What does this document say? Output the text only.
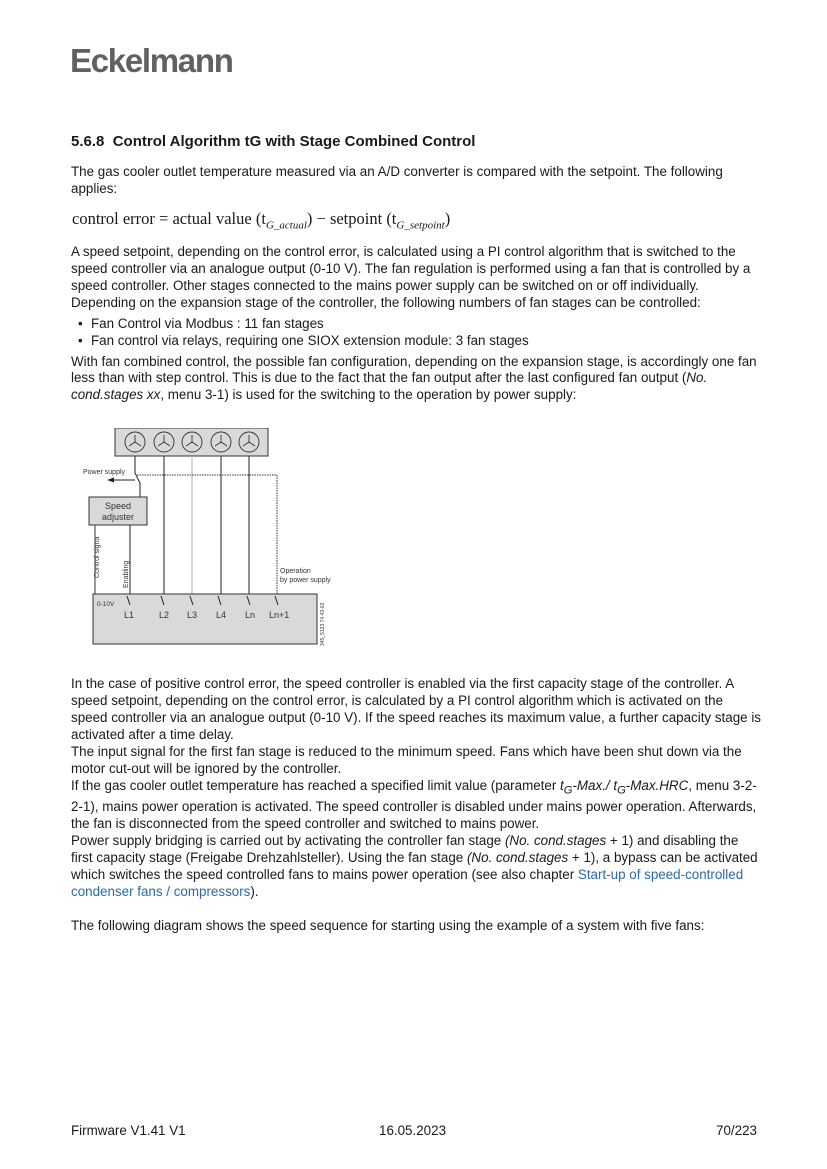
Eckelmann
5.6.8 Control Algorithm tG with Stage Combined Control

The gas cooler outlet temperature measured via an A/D converter is compared with the setpoint. The following applies:

control error = actual value $(t_{G\_actual})$ − setpoint $(t_{G\_setpoint})$

A speed setpoint, depending on the control error, is calculated using a PI control algorithm that is switched to the speed controller via an analogue output (0-10 V). The fan regulation is performed using a fan that is controlled by a speed controller. Other stages connected to the mains power supply can be switched on or off individually.

Depending on the expansion stage of the controller, the following numbers of fan stages can be controlled:

• Fan Control via Modbus : 11 fan stages
• Fan control via relays, requiring one SIOX extension module: 3 fan stages

With fan combined control, the possible fan configuration, depending on the expansion stage, is accordingly one fan less than with step control. This is due to the fact that the fan output after the last configured fan output (No. cond.stages xx, menu 3-1) is used for the switching to the operation by power supply:

Power supply
Speed
adjuster
Control signa	Enabling	Operation
by power supply
0-10V
L1	L2 L3 L4 Ln Ln+1	345_5123 74 43-03

In the case of positive control error, the speed controller is enabled via the first capacity stage of the controller. A speed setpoint, depending on the control error, is calculated by a PI control algorithm which is activated on the speed controller via an analogue output (0-10 V). If the speed reaches its maximum value, a further capacity stage is activated after a time delay.

The input signal for the first fan stage is reduced to the minimum speed. Fans which have been shut down via the motor cut-out will be ignored by the controller.

If the gas cooler outlet temperature has reached a specified limit value (parameter $t_G-Max./$ $t_G-Max.HRC$, menu 3-2-2-1), mains power operation is activated. The speed controller is disabled under mains power operation. Afterwards, the fan is disconnected from the speed controller and switched to mains power.

Power supply bridging is carried out by activating the controller fan stage (No. cond.stages + 1) and disabling the first capacity stage (Freigabe Drehzahlsteller). Using the fan stage (No. cond.stages + 1), a bypass can be activated which switches the speed controlled fans to mains power operation (see also chapter Start-up of speed-controlled condenser fans / compressors).

The following diagram shows the speed sequence for starting using the example of a system with five fans:

Firmware V1.41 V1	16.05.2023	70/223
